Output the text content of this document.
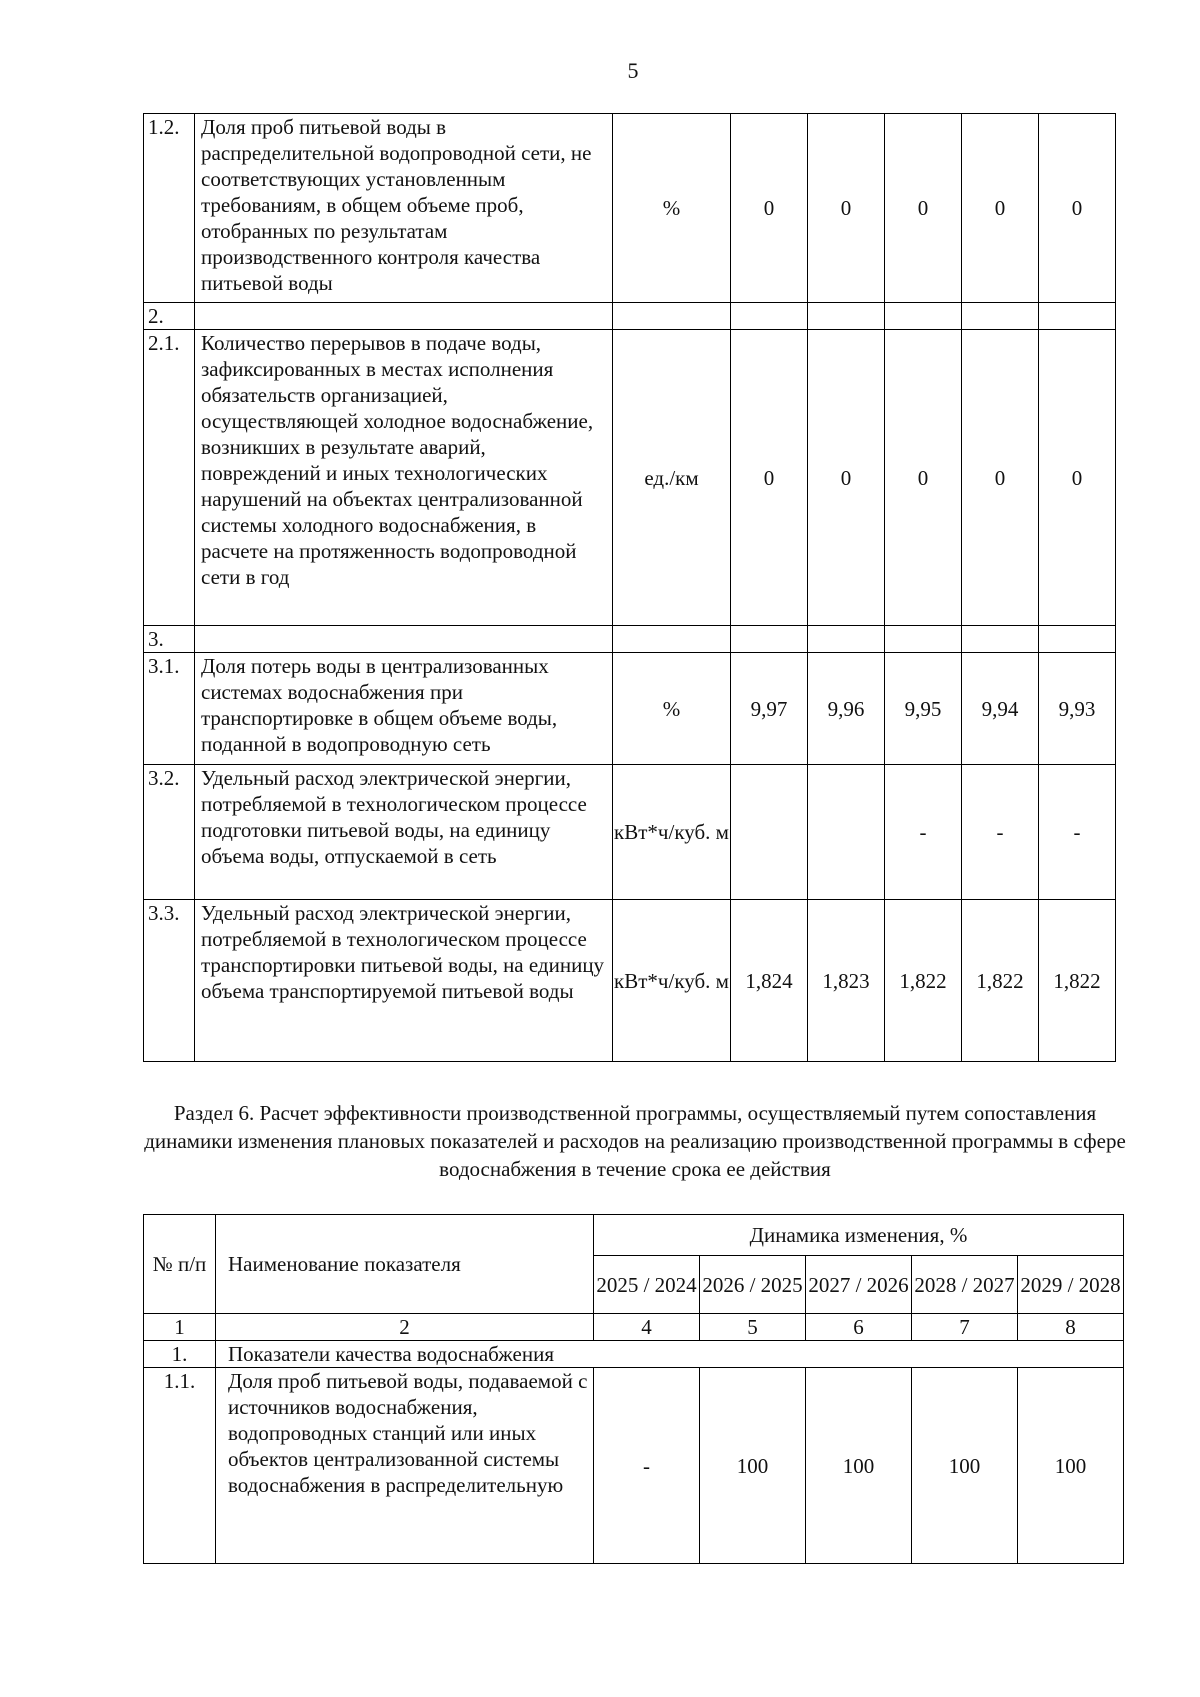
5
1.2.	Доля проб питьевой воды в распределительной водопроводной сети, не соответствующих установленным требованиям, в общем объеме проб, отобранных по результатам производственного контроля качества питьевой воды	%	0	0	0	0	0
2.							
2.1.	Количество перерывов в подаче воды, зафиксированных в местах исполнения обязательств организацией, осуществляющей холодное водоснабжение, возникших в результате аварий, повреждений и иных технологических нарушений на объектах централизованной системы холодного водоснабжения, в расчете на протяженность водопроводной сети в год	ед./км	0	0	0	0	0
3.							
3.1.	Доля потерь воды в централизованных системах водоснабжения при транспортировке в общем объеме воды, поданной в водопроводную сеть	%	9,97	9,96	9,95	9,94	9,93
3.2.	Удельный расход электрической энергии, потребляемой в технологическом процессе подготовки питьевой воды, на единицу объема воды, отпускаемой в сеть	кВт*ч/куб. м			-	-	-
3.3.	Удельный расход электрической энергии, потребляемой в технологическом процессе транспортировки питьевой воды, на единицу объема транспортируемой питьевой воды	кВт*ч/куб. м	1,824	1,823	1,822	1,822	1,822
Раздел 6. Расчет эффективности производственной программы, осуществляемый путем сопоставления динамики изменения плановых показателей и расходов на реализацию производственной программы в сфере водоснабжения в течение срока ее действия
№ п/п	Наименование показателя	Динамика изменения, %				
		2025 / 2024	2026 / 2025	2027 / 2026	2028 / 2027	2029 / 2028
1	2	4	5	6	7	8
1.	Показатели качества водоснабжения					
1.1.	Доля проб питьевой воды, подаваемой с источников водоснабжения, водопроводных станций или иных объектов централизованной системы водоснабжения в распределительную	-	100	100	100	100
